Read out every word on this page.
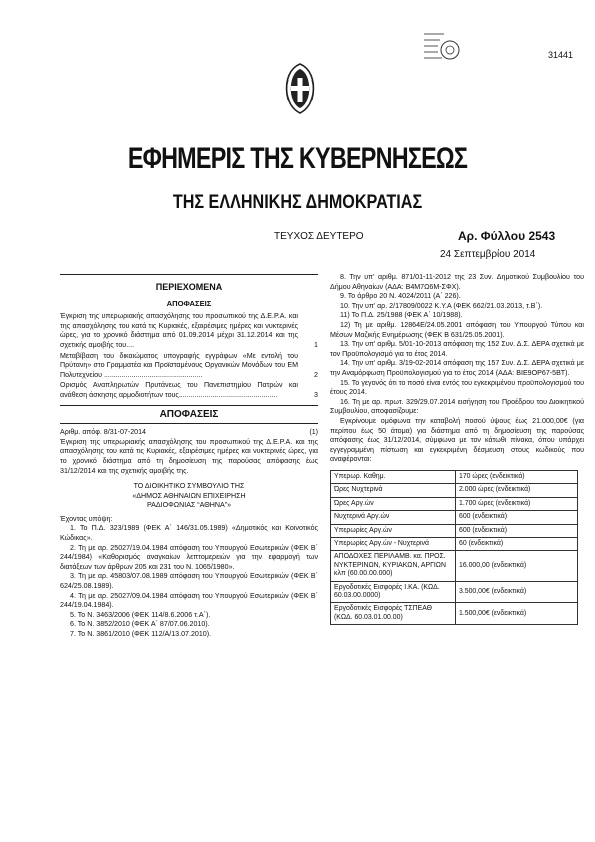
31441
ΕΦΗΜΕΡΙΣ ΤΗΣ ΚΥΒΕΡΝΗΣΕΩΣ
ΤΗΣ ΕΛΛΗΝΙΚΗΣ ΔΗΜΟΚΡΑΤΙΑΣ
ΤΕΥΧΟΣ ΔΕΥΤΕΡΟ	Αρ. Φύλλου 2543
24 Σεπτεμβρίου 2014
ΠΕΡΙΕΧΟΜΕΝΑ
ΑΠΟΦΑΣΕΙΣ
Έγκριση της υπερωριακής απασχόλησης του προσωπικού της Δ.Ε.Ρ.Α. και της απασχόλησης του κατά τις Κυριακές, εξαιρέσιμες ημέρες και νυκτερινές ώρες, για το χρονικό διάστημα από 01.09.2014 μέχρι 31.12.2014 και της σχετικής αμοιβής του....	1
Μεταβίβαση του δικαιώματος υπογραφής εγγράφων «Με εντολή του Πρύτανη» στο Γραμματέα και Προϊσταμένους Οργανικών Μονάδων του ΕΜ Πολυτεχνείου ..................................................	2
Ορισμός Αναπληρωτών Πρυτάνεως του Πανεπιστημίου Πατρών και ανάθεση άσκησης αρμοδιοτήτων τους..................................................	3
ΑΠΟΦΑΣΕΙΣ
Αριθμ. απόφ. 8/31-07-2014	(1)

Έγκριση της υπερωριακής απασχόλησης του προσωπικού της Δ.Ε.Ρ.Α. και της απασχόλησης του κατά τις Κυριακές, εξαιρέσιμες ημέρες και νυκτερινές ώρες, για το χρονικό διάστημα από τη δημοσίευση της παρούσας απόφασης έως 31/12/2014 και της σχετικής αμοιβής της.

ΤΟ ΔΙΟΙΚΗΤΙΚΟ ΣΥΜΒΟΥΛΙΟ ΤΗΣ
«ΔΗΜΟΣ ΑΘΗΝΑΙΩΝ ΕΠΙΧΕΙΡΗΣΗ
ΡΑΔΙΟΦΩΝΙΑΣ “ΑΘΗΝΑ”»

Έχοντας υπόψη:

1. Το Π.Δ. 323/1989 (ΦΕΚ Α΄ 146/31.05.1989) «Δημοτικός και Κοινοτικός Κώδικας».

2. Τη με αρ. 25027/19.04.1984 απόφαση του Υπουργού Εσωτερικών (ΦΕΚ Β΄ 244/1984) «Καθορισμός αναγκαίων λεπτομερειών για την εφαρμογή των διατάξεων των άρθρων 205 και 231 του Ν. 1065/1980».

3. Τη με αρ. 45803/07.08.1989 απόφαση του Υπουργού Εσωτερικών (ΦΕΚ Β΄ 624/25.08.1989).

4. Τη με αρ. 25027/09.04.1984 απόφαση του Υπουργού Εσωτερικών (ΦΕΚ Β΄ 244/19.04.1984).

5. Το Ν. 3463/2006 (ΦΕΚ 114/8.6.2006 τ.Α΄).

6. Το Ν. 3852/2010 (ΦΕΚ Α΄ 87/07.06.2010).

7. Το Ν. 3861/2010 (ΦΕΚ 112/Α/13.07.2010).

8. Την υπ' αριθμ. 871/01-11-2012 της 23 Συν. Δημοτικού Συμβουλίου του Δήμου Αθηναίων (ΑΔΑ: Β4Μ7Ω6Μ-ΣΦΧ).

9. Το άρθρο 20 Ν. 4024/2011 (Α΄ 226).

10. Την υπ' αρ. 2/17809/0022 Κ.Υ.Α (ΦΕΚ 662/21.03.2013, τ.Β΄).

11) Το Π.Δ. 25/1988 (ΦΕΚ Α΄ 10/1988).

12) Τη με αριθμ. 12864Ε/24.05.2001 απόφαση του Υπουργού Τύπου και Μέσων Μαζικής Ενημέρωσης (ΦΕΚ Β 631/25.05.2001).

13. Την υπ' αριθμ. 5/01-10-2013 απόφαση της 152 Συν. Δ.Σ. ΔΕΡΑ σχετικά με τον Προϋπολογισμό για το έτος 2014.

14. Την υπ' αριθμ. 3/19-02-2014 απόφαση της 157 Συν. Δ.Σ. ΔΕΡΑ σχετικά με την Αναμόρφωση Προϋπολογισμού για το έτος 2014 (ΑΔΑ: ΒΙΕ9ΟΡ67-5ΒΤ).

15. Το γεγονός ότι το ποσό είναι εντός του εγκεκριμένου προϋπολογισμού του έτους 2014.

16. Τη με αρ. πρωτ. 329/29.07.2014 εισήγηση του Προέδρου του Διοικητικού Συμβουλίου, αποφασίζουμε:

Εγκρίνουμε ομόφωνα την καταβολή ποσού ύψους έως 21.000,00€ (για περίπου έως 50 άτομα) για διάστημα από τη δημοσίευση της παρούσας απόφασης έως 31/12/2014, σύμφωνα με τον κάτωθι πίνακα, όπου υπάρχει εγγεγραμμένη πίστωση και εγκεκριμένη δέσμευση στους κωδικούς που αναφέρονται:

Υπερωρ. Καθημ.	170 ώρες (ενδεικτικά)
Ώρες Νυχτερινά	2.000 ώρες (ενδεικτικά)
Ώρες Αργ.ών	1.700 ώρες (ενδεικτικά)
Νυχτερινά Αργ.ών	600 (ενδεικτικά)
Υπερωρίες Αργ.ών	600 (ενδεικτικά)
Υπερωρίες Αργ.ών - Νυχτερινά	60 (ενδεικτικά)
ΑΠΟΔΟΧΕΣ ΠΕΡΙΛΑΜΒ. κα. ΠΡΟΣ. ΝΥΚΤΕΡΙΝΩΝ, ΚΥΡΙΑΚΩΝ, ΑΡΓΙΩΝ κλπ (60.00.00.000)	16.000,00 (ενδεικτικά)
Εργοδοτικές Εισφορές Ι.ΚΑ. (ΚΩΔ. 60.03.00.0000)	3.500,00€ (ενδεικτικά)
Εργοδοτικές Εισφορές ΤΣΠΕΑΘ (ΚΩΔ. 60.03.01.00.00)	1.500,00€ (ενδεικτικά)
